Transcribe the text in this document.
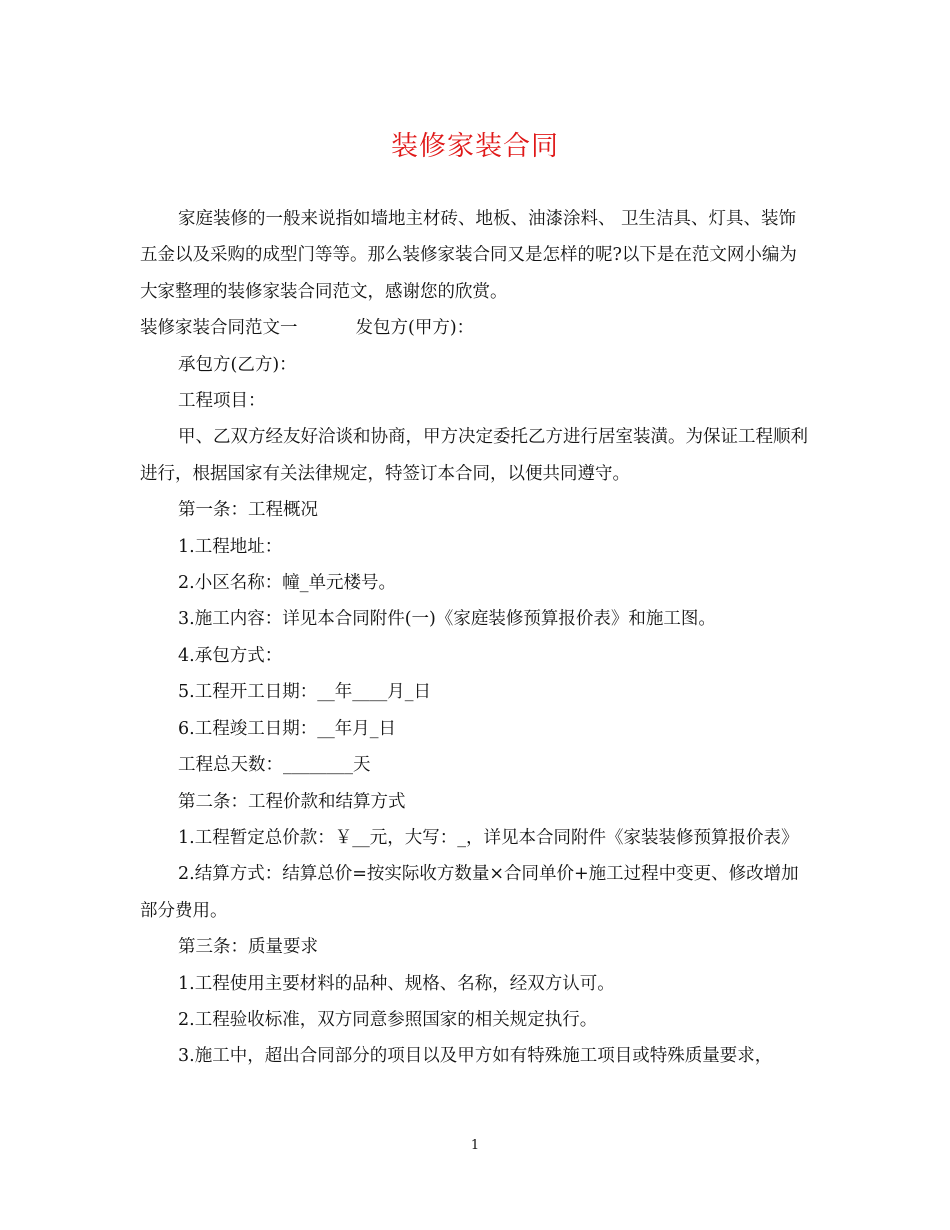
装修家装合同

家庭装修的一般来说指如墙地主材砖、地板、油漆涂料、 卫生洁具、灯具、装饰五金以及采购的成型门等等。那么装修家装合同又是怎样的呢?以下是在范文网小编为大家整理的装修家装合同范文，感谢您的欣赏。

装修家装合同范文一	发包方(甲方)：

承包方(乙方)：

工程项目：

甲、乙双方经友好洽谈和协商，甲方决定委托乙方进行居室装潢。为保证工程顺利进行，根据国家有关法律规定，特签订本合同，以便共同遵守。

第一条：工程概况

1.工程地址：

2.小区名称：幢_单元楼号。

3.施工内容：详见本合同附件(一)《家庭装修预算报价表》和施工图。

4.承包方式：

5.工程开工日期：__年____月_日

6.工程竣工日期：__年月_日

工程总天数：________天

第二条：工程价款和结算方式

1.工程暂定总价款：￥__元，大写：_，详见本合同附件《家装装修预算报价表》

2.结算方式：结算总价=按实际收方数量×合同单价+施工过程中变更、修改增加部分费用。

第三条：质量要求

1.工程使用主要材料的品种、规格、名称，经双方认可。

2.工程验收标准，双方同意参照国家的相关规定执行。

3.施工中，超出合同部分的项目以及甲方如有特殊施工项目或特殊质量要求，

1
